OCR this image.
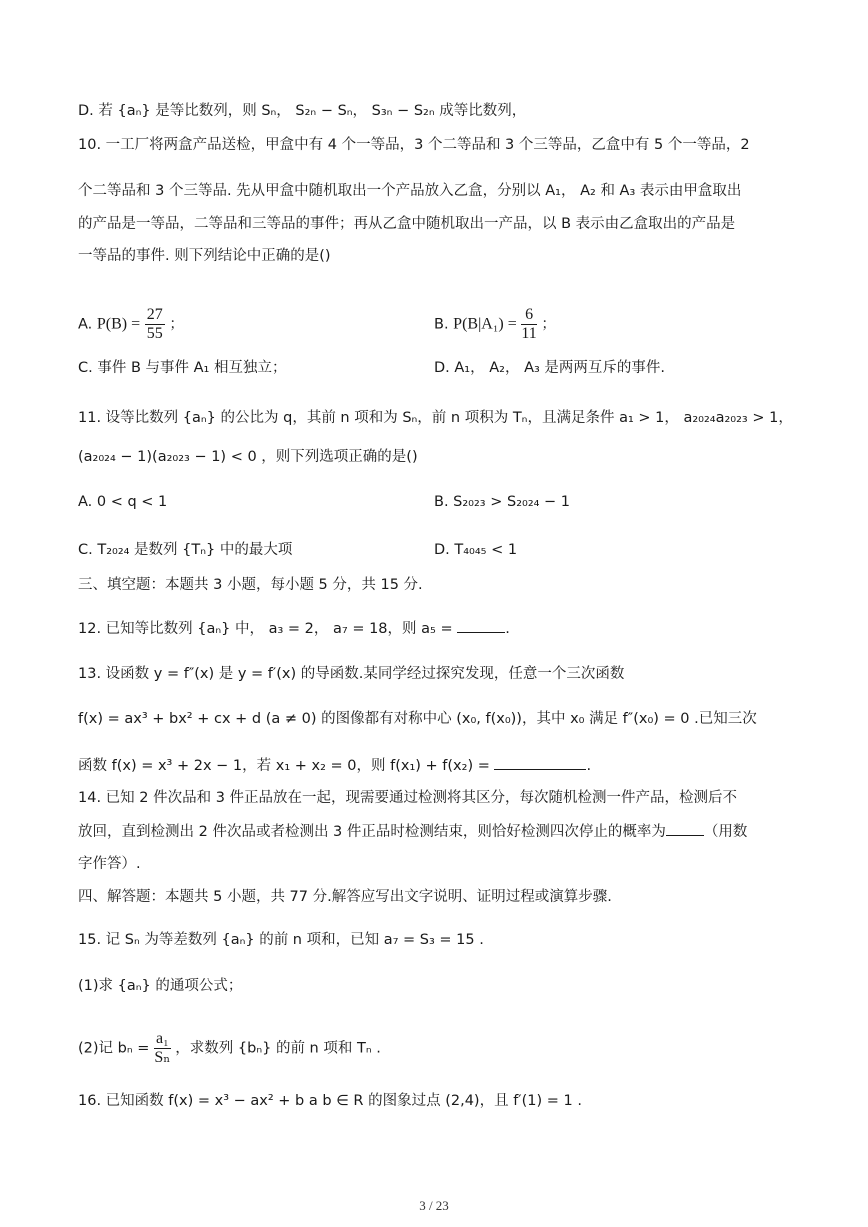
D. 若 {aₙ} 是等比数列，则 Sₙ， S₂ₙ − Sₙ， S₃ₙ − S₂ₙ 成等比数列，
10. 一工厂将两盒产品送检，甲盒中有 4 个一等品，3 个二等品和 3 个三等品，乙盒中有 5 个一等品，2
个二等品和 3 个三等品. 先从甲盒中随机取出一个产品放入乙盒，分别以 A₁， A₂ 和 A₃ 表示由甲盒取出
的产品是一等品，二等品和三等品的事件；再从乙盒中随机取出一产品，以 B 表示由乙盒取出的产品是
一等品的事件. 则下列结论中正确的是()
A. $P(B) = \frac{27}{55}$ ；	B. $P(B|A_1) = \frac{6}{11}$ ；
C. 事件 B 与事件 A₁ 相互独立；	D. A₁， A₂， A₃ 是两两互斥的事件.
11. 设等比数列 {aₙ} 的公比为 q，其前 n 项和为 Sₙ，前 n 项积为 Tₙ，且满足条件 a₁ > 1， a₂₀₂₄a₂₀₂₃ > 1，
(a₂₀₂₄ − 1)(a₂₀₂₃ − 1) < 0 ，则下列选项正确的是()
A. 0 < q < 1	B. S₂₀₂₃ > S₂₀₂₄ − 1
C. T₂₀₂₄ 是数列 {Tₙ} 中的最大项	D. T₄₀₄₅ < 1
三、填空题：本题共 3 小题，每小题 5 分，共 15 分.
12. 已知等比数列 {aₙ} 中， a₃ = 2， a₇ = 18，则 a₅ =	.
13. 设函数 y = f″(x) 是 y = f′(x) 的导函数.某同学经过探究发现，任意一个三次函数
f(x) = ax³ + bx² + cx + d (a ≠ 0) 的图像都有对称中心 (x₀, f(x₀))，其中 x₀ 满足 f″(x₀) = 0 .已知三次
函数 f(x) = x³ + 2x − 1，若 x₁ + x₂ = 0，则 f(x₁) + f(x₂) =	.
14. 已知 2 件次品和 3 件正品放在一起，现需要通过检测将其区分，每次随机检测一件产品，检测后不
放回，直到检测出 2 件次品或者检测出 3 件正品时检测结束，则恰好检测四次停止的概率为	（用数
字作答）.
四、解答题：本题共 5 小题，共 77 分.解答应写出文字说明、证明过程或演算步骤.
15. 记 Sₙ 为等差数列 {aₙ} 的前 n 项和，已知 a₇ = S₃ = 15 .
(1)求 {aₙ} 的通项公式；
(2)记 $b_n = \frac{\text{a₁}}{\text{Sₙ}}$ ，求数列 {bₙ} 的前 n 项和 Tₙ .
16. 已知函数 f(x) = x³ − ax² + b a b ∈ R 的图象过点 (2,4)，且 f′(1) = 1 .
3 / 23
